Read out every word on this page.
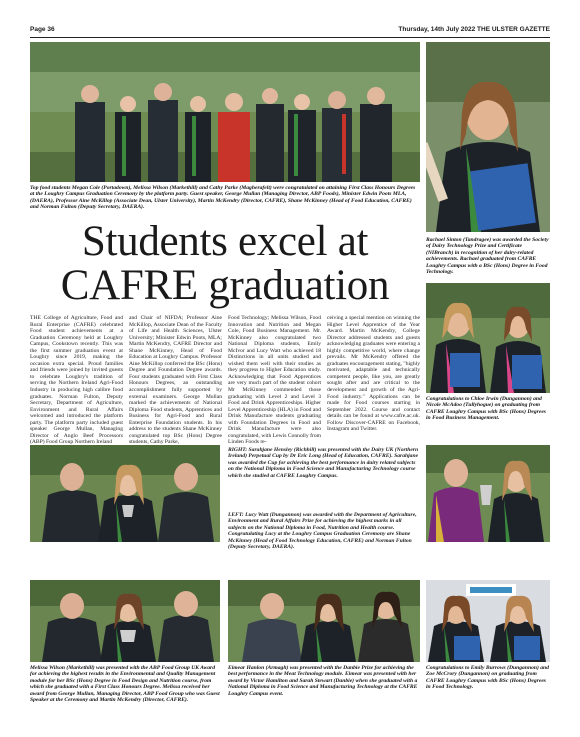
Page 36	Thursday, 14th July 2022 THE ULSTER GAZETTE
Top food students Megan Cole (Portadown), Melissa Wilson (Markethill) and Cathy Parke (Magherafelt) were congratulated on attaining First Class Honours Degrees at the Loughry Campus Graduation Ceremony by the platform party. Guest speaker, George Mullan (Managing Director, ABP Foods), Minister Edwin Poots MLA, (DAERA), Professor Aine McKillop (Associate Dean, Ulster University), Martin McKendry (Director, CAFRE), Shane McKinney (Head of Food Education, CAFRE) and Norman Fulton (Deputy Secretary, DAERA).
Students excel at
CAFRE graduation
Rachael Sinton (Tandragee) was awarded the Society of Dairy Technology Prize and Certificate (NIBranch) in recognition of her dairy-related achievements. Rachael graduated from CAFRE Loughry Campus with a BSc (Hons) Degree in Food Technology.

THE College of Agriculture, Food and Rural Enterprise (CAFRE) celebrated Food student achievements at a Graduation Ceremony held at Loughry Campus, Cookstown recently. This was the first summer graduation event at Loughry since 2019, making the occasion extra special. Proud families and friends were joined by invited guests to celebrate Loughry's tradition of serving the Northern Ireland Agri-Food Industry in producing high calibre food graduates. Norman Fulton, Deputy Secretary, Department of Agriculture, Environment and Rural Affairs welcomed and introduced the platform party. The platform party included guest speaker George Mullan, Managing Director of Anglo Beef Processors (ABP) Food Group Northern Ireland

and Chair of NIFDA; Professor Aine McKillop, Associate Dean of the Faculty of Life and Health Sciences, Ulster University; Minister Edwin Poots, MLA; Martin McKendry, CAFRE Director and Shane McKinney, Head of Food Education at Loughry Campus. Professor Aine McKillop conferred the BSc (Hons) Degree and Foundation Degree awards. Four students graduated with First Class Honours Degrees, an outstanding accomplishment fully supported by external examiners. George Mullan marked the achievements of National Diploma Food students, Apprentices and Business for Agri-Food and Rural Enterprise Foundation students. In his address to the students Shane McKinney congratulated top BSc (Hons) Degree students, Cathy Parke,

Food Technology; Melissa Wilson, Food Innovation and Nutrition and Megan Cole, Food Business Management. Mr. McKinney also congratulated two National Diploma students, Emily McIvor and Lucy Watt who achieved 18 Distinctions in all units studied and wished them well with their studies as they progress to Higher Education study. Acknowledging that Food Apprentices are very much part of the student cohort Mr McKinney commended those graduating with Level 2 and Level 3 Food and Drink Apprenticeships. Higher Level Apprenticeship (HLA) in Food and Drink Manufacture students graduating with Foundation Degrees in Food and Drink Manufacture were also congratulated, with Lewis Connolly from Linden Foods re-

ceiving a special mention on winning the Higher Level Apprentice of the Year Award. Martin McKendry, College Director addressed students and guests acknowledging graduates were entering a highly competitive world, where change prevails. Mr McKendry offered the graduates encouragement stating, "highly motivated, adaptable and technically competent people, like you, are greatly sought after and are critical to the development and growth of the Agri-Food industry." Applications can be made for Food courses starting in September 2022. Course and contact details can be found at www.cafre.ac.uk. Follow Discover-CAFRE on Facebook, Instagram and Twitter.

Congratulations to Chloe Irwin (Dungannon) and Nicole McAdoo (Tullyhogue) on graduating from CAFRE Loughry Campus with BSc (Hons) Degrees in Food Business Management.
RIGHT: Sarahjane Hensley (Richhill) was presented with the Dairy UK (Northern Ireland) Perpetual Cup by Dr Eric Long (Head of Education, CAFRE). Sarahjane was awarded the Cup for achieving the best performance in dairy related subjects on the National Diploma in Food Science and Manufacturing Technology course which she studied at CAFRE Loughry Campus.
LEFT: Lucy Watt (Dungannon) was awarded with the Department of Agriculture, Environment and Rural Affairs Prize for achieving the highest marks in all subjects on the National Diploma in Food, Nutrition and Health course. Congratulating Lucy at the Loughry Campus Graduation Ceremony are Shane McKinney (Head of Food Technology Education, CAFRE) and Norman Fulton (Deputy Secretary, DAERA).
Melissa Wilson (Markethill) was presented with the ABP Food Group UK Award for achieving the highest results in the Environmental and Quality Management module for her BSc (Hons) Degree in Food Design and Nutrition course, from which she graduated with a First Class Honours Degree. Melissa received her award from George Mullan, Managing Director, ABP Food Group who was Guest Speaker at the Ceremony and Martin McKendry (Director, CAFRE).
Eimear Hanlon (Armagh) was presented with the Danbie Prize for achieving the best performance in the Meat Technology module. Eimear was presented with her award by Victor Hamilton and Sarah Stewart (Danbie) when she graduated with a National Diploma in Food Science and Manufacturing Technology at the CAFRE Loughry Campus event.
Congratulations to Emily Burrows (Dungannon) and Zoe McCrory (Dungannon) on graduating from CAFRE Loughry Campus with BSc (Hons) Degrees in Food Technology.
